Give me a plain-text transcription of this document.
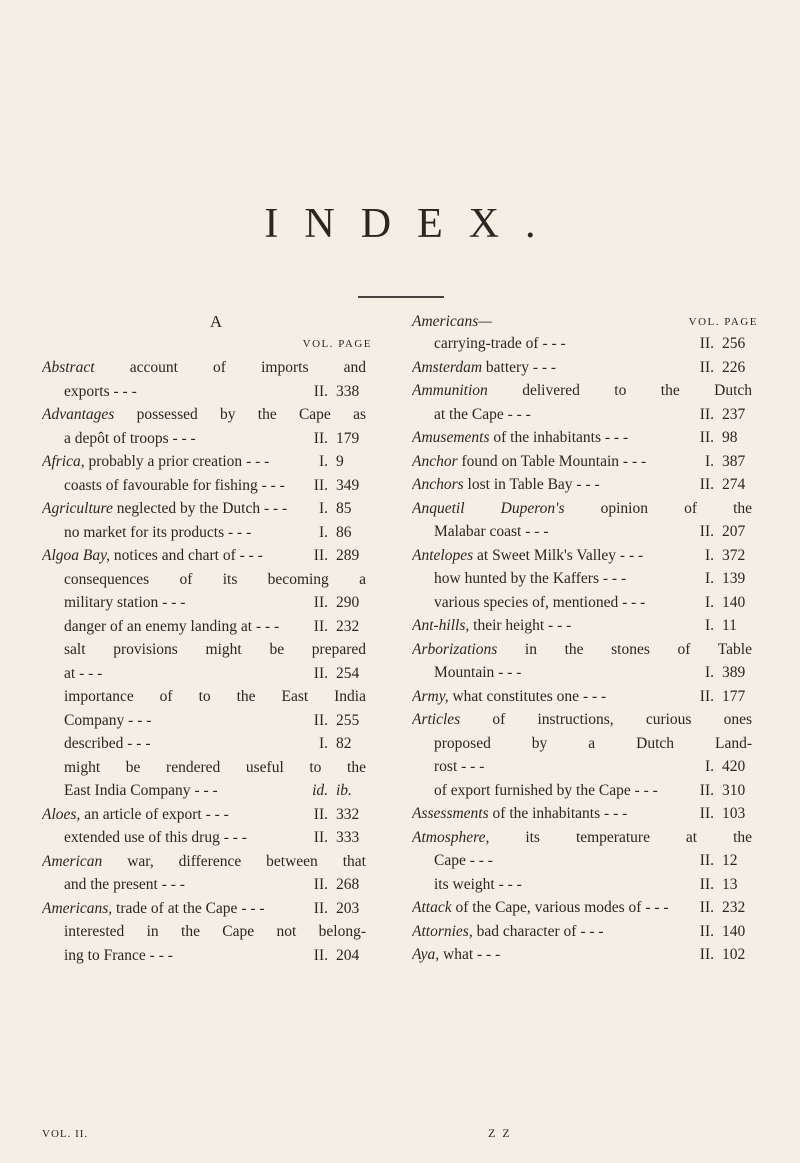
INDEX.
A
VOL. PAGE
Abstract account of imports and
exports - - -	II. 338
Advantages possessed by the Cape as
a depôt of troops - - -	II. 179
Africa, probably a prior creation - - -	I. 9
coasts of favourable for fishing - - -	II. 349
Agriculture neglected by the Dutch - - -	I. 85
no market for its products - - -	I. 86
Algoa Bay, notices and chart of - - -	II. 289
consequences of its becoming a
military station - - -	II. 290
danger of an enemy landing at - - -	II. 232
salt provisions might be prepared
at - - -	II. 254
importance of to the East India
Company - - -	II. 255
described - - -	I. 82
might be rendered useful to the
East India Company - - -	id. ib.
Aloes, an article of export - - -	II. 332
extended use of this drug - - -	II. 333
American war, difference between that
and the present - - -	II. 268
Americans, trade of at the Cape - - -	II. 203
interested in the Cape not belong-
ing to France - - -	II. 204
Americans—	VOL. PAGE
carrying-trade of - - -	II. 256
Amsterdam battery - - -	II. 226
Ammunition delivered to the Dutch
at the Cape - - -	II. 237
Amusements of the inhabitants - - -	II. 98
Anchor found on Table Mountain - - -	I. 387
Anchors lost in Table Bay - - -	II. 274
Anquetil Duperon's opinion of the
Malabar coast - - -	II. 207
Antelopes at Sweet Milk's Valley - - -	I. 372
how hunted by the Kaffers - - -	I. 139
various species of, mentioned - - -	I. 140
Ant-hills, their height - - -	I. 11
Arborizations in the stones of Table
Mountain - - -	I. 389
Army, what constitutes one - - -	II. 177
Articles of instructions, curious ones
proposed by a Dutch Land-
rost - - -	I. 420
of export furnished by the Cape - - -	II. 310
Assessments of the inhabitants - - -	II. 103
Atmosphere, its temperature at the
Cape - - -	II. 12
its weight - - -	II. 13
Attack of the Cape, various modes of - - -	II. 232
Attornies, bad character of - - -	II. 140
Aya, what - - -	II. 102
VOL. II.	Z Z
